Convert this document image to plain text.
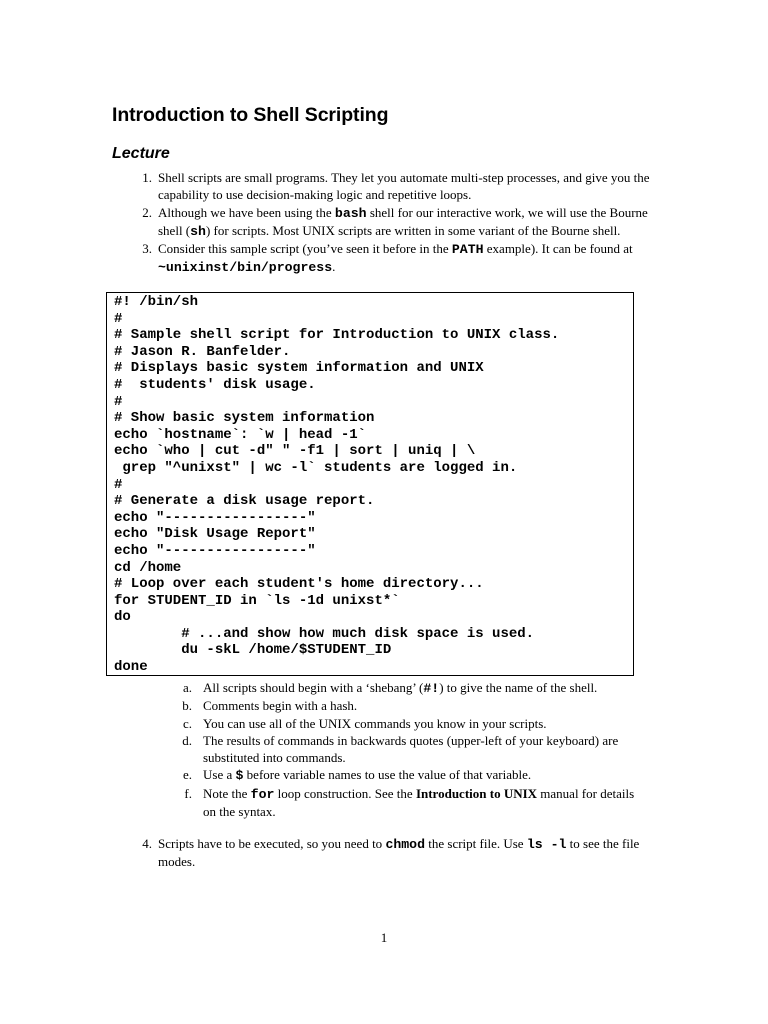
Introduction to Shell Scripting
Lecture
1. Shell scripts are small programs. They let you automate multi-step processes, and give you the capability to use decision-making logic and repetitive loops.
2. Although we have been using the bash shell for our interactive work, we will use the Bourne shell (sh) for scripts. Most UNIX scripts are written in some variant of the Bourne shell.
3. Consider this sample script (you’ve seen it before in the PATH example). It can be found at ~unixinst/bin/progress.
#! /bin/sh
#
# Sample shell script for Introduction to UNIX class.
# Jason R. Banfelder.
# Displays basic system information and UNIX
#  students' disk usage.
#
# Show basic system information
echo `hostname`: `w | head -1`
echo `who | cut -d" " -f1 | sort | uniq | \
grep "^unixst" | wc -l` students are logged in.
#
# Generate a disk usage report.
echo "-----------------"
echo "Disk Usage Report"
echo "-----------------"
cd /home
# Loop over each student's home directory...
for STUDENT_ID in `ls -1d unixst*`
do
# ...and show how much disk space is used.
du -skL /home/$STUDENT_ID
done
a. All scripts should begin with a ‘shebang’ (#!) to give the name of the shell.
b. Comments begin with a hash.
c. You can use all of the UNIX commands you know in your scripts.
d. The results of commands in backwards quotes (upper-left of your keyboard) are substituted into commands.
e. Use a $ before variable names to use the value of that variable.
f. Note the for loop construction. See the Introduction to UNIX manual for details on the syntax.
4. Scripts have to be executed, so you need to chmod the script file. Use ls -l to see the file modes.
1
